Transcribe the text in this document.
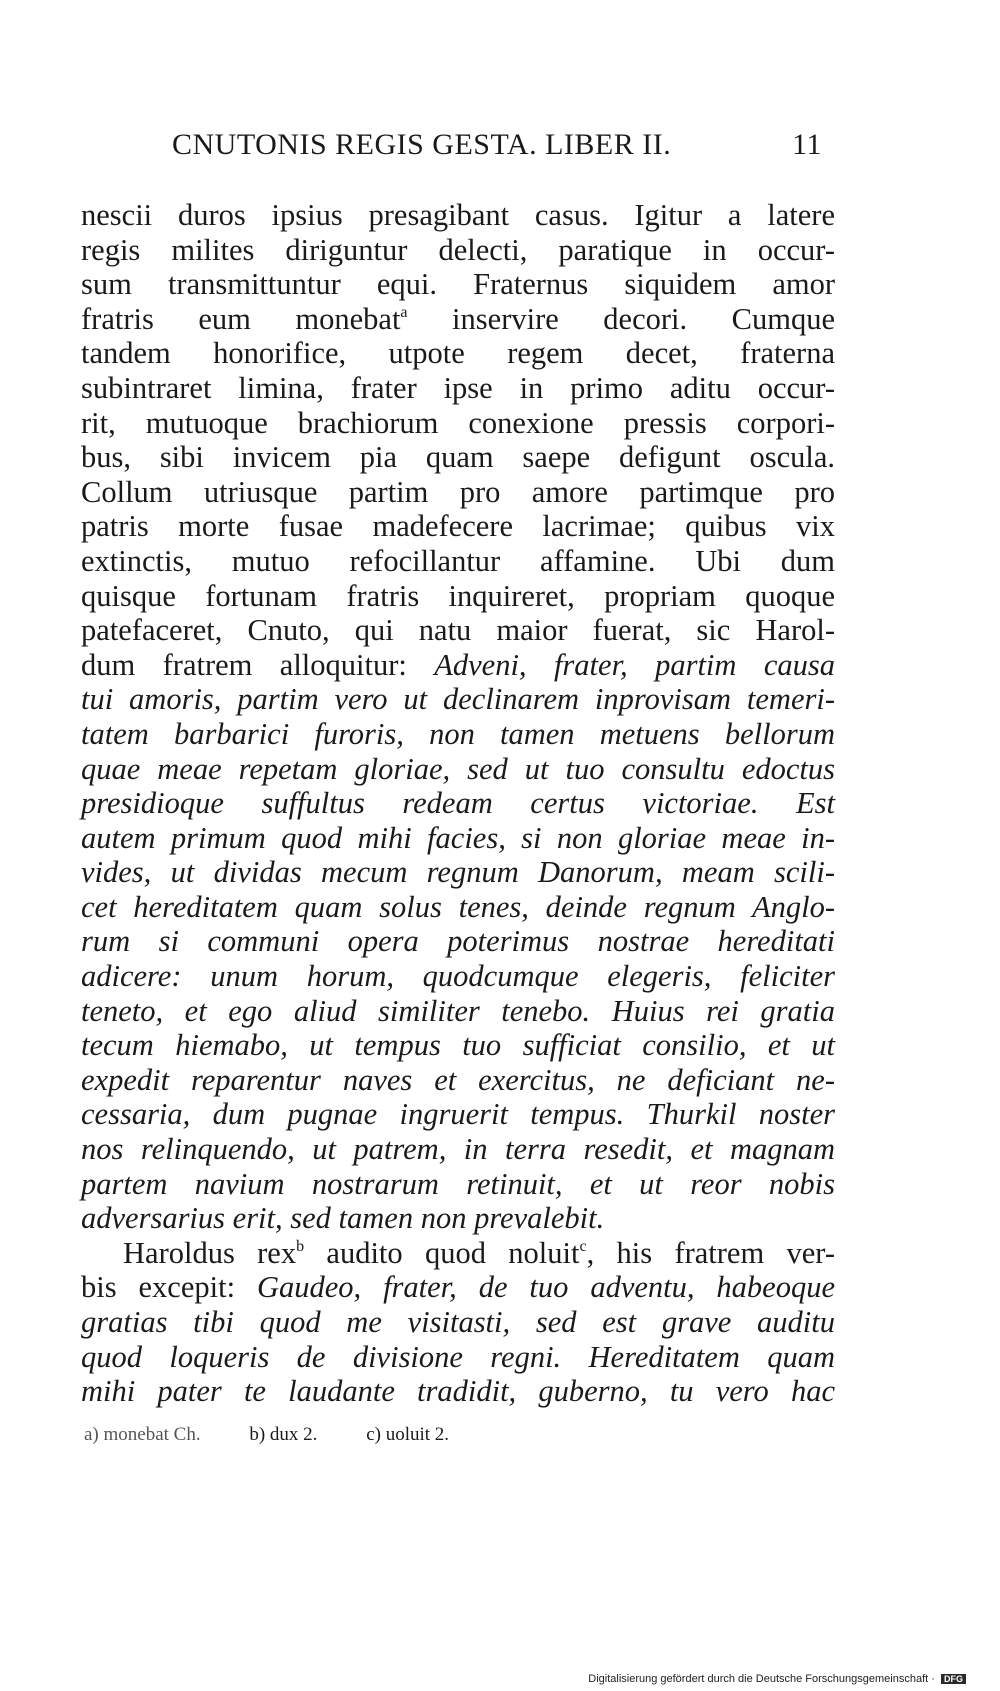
CNUTONIS REGIS GESTA. LIBER II.	11
nescii duros ipsius presagibant casus. Igitur a latere
regis milites diriguntur delecti, paratique in occur-
sum transmittuntur equi. Fraternus siquidem amor
fratris eum monebat$^a$ inservire decori. Cumque
tandem honorifice, utpote regem decet, fraterna
subintraret limina, frater ipse in primo aditu occur-
rit, mutuoque brachiorum conexione pressis corpori-
bus, sibi invicem pia quam saepe defigunt oscula.
Collum utriusque partim pro amore partimque pro
patris morte fusae madefecere lacrimae; quibus vix
extinctis, mutuo refocillantur affamine. Ubi dum
quisque fortunam fratris inquireret, propriam quoque
patefaceret, Cnuto, qui natu maior fuerat, sic Harol-
dum fratrem alloquitur: Adveni, frater, partim causa
tui amoris, partim vero ut declinarem inprovisam temeri-
tatem barbarici furoris, non tamen metuens bellorum
quae meae repetam gloriae, sed ut tuo consultu edoctus
presidioque suffultus redeam certus victoriae. Est
autem primum quod mihi facies, si non gloriae meae in-
vides, ut dividas mecum regnum Danorum, meam scili-
cet hereditatem quam solus tenes, deinde regnum Anglo-
rum si communi opera poterimus nostrae hereditati
adicere: unum horum, quodcumque elegeris, feliciter
teneto, et ego aliud similiter tenebo. Huius rei gratia
tecum hiemabo, ut tempus tuo sufficiat consilio, et ut
expedit reparentur naves et exercitus, ne deficiant ne-
cessaria, dum pugnae ingruerit tempus. Thurkil noster
nos relinquendo, ut patrem, in terra resedit, et magnam
partem navium nostrarum retinuit, et ut reor nobis
adversarius erit, sed tamen non prevalebit.
Haroldus rex$^b$ audito quod noluit$^c$, his fratrem ver-
bis excepit: Gaudeo, frater, de tuo adventu, habeoque
gratias tibi quod me visitasti, sed est grave auditu
quod loqueris de divisione regni. Hereditatem quam
mihi pater te laudante tradidit, guberno, tu vero hac
a) monebat Ch.	b) dux 2.	c) uoluit 2.
Digitalisierung gefördert durch die Deutsche Forschungsgemeinschaft · DFG
